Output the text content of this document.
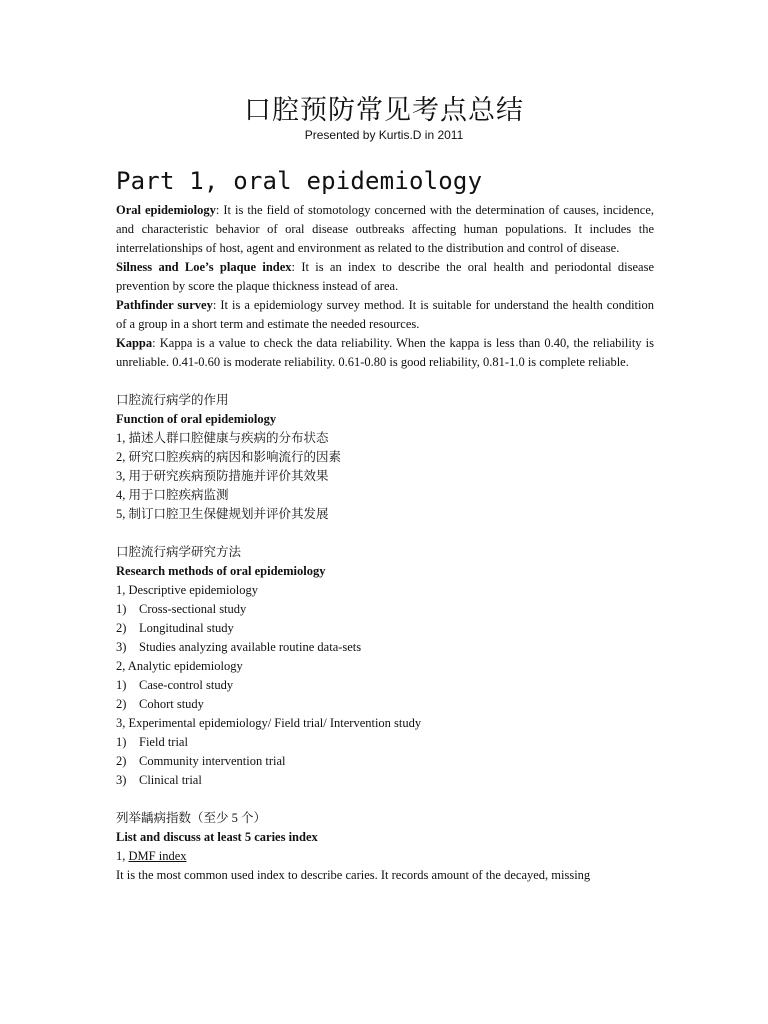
口腔预防常见考点总结
Presented by Kurtis.D in 2011
Part 1, oral epidemiology

Oral epidemiology: It is the field of stomotology concerned with the determination of causes, incidence, and characteristic behavior of oral disease outbreaks affecting human populations. It includes the interrelationships of host, agent and environment as related to the distribution and control of disease.

Silness and Loe’s plaque index: It is an index to describe the oral health and periodontal disease prevention by score the plaque thickness instead of area.

Pathfinder survey: It is a epidemiology survey method. It is suitable for understand the health condition of a group in a short term and estimate the needed resources.

Kappa: Kappa is a value to check the data reliability. When the kappa is less than 0.40, the reliability is unreliable. 0.41-0.60 is moderate reliability. 0.61-0.80 is good reliability, 0.81-1.0 is complete reliable.

口腔流行病学的作用
Function of oral epidemiology
1, 描述人群口腔健康与疾病的分布状态
2, 研究口腔疾病的病因和影响流行的因素
3, 用于研究疾病预防措施并评价其效果
4, 用于口腔疾病监测
5, 制订口腔卫生保健规划并评价其发展
口腔流行病学研究方法
Research methods of oral epidemiology
1, Descriptive epidemiology
1) Cross-sectional study
2) Longitudinal study
3) Studies analyzing available routine data-sets
2, Analytic epidemiology
1) Case-control study
2) Cohort study
3, Experimental epidemiology/ Field trial/ Intervention study
1) Field trial
2) Community intervention trial
3) Clinical trial
列举龋病指数（至少 5 个）
List and discuss at least 5 caries index
1, DMF index

It is the most common used index to describe caries. It records amount of the decayed, missing
